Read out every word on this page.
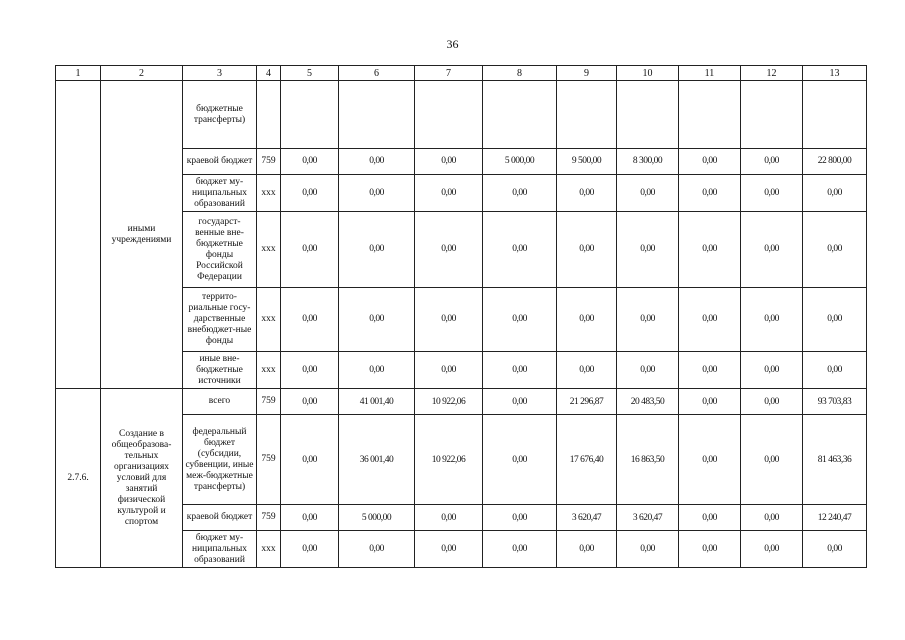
36
1	2	3	4	5	6	7	8	9	10	11	12	13
	иными учреждениями	бюджетные трансферты)										
		краевой бюджет	759	0,00	0,00	0,00	5 000,00	9 500,00	8 300,00	0,00	0,00	22 800,00
		бюджет му-ниципальных образований	ххх	0,00	0,00	0,00	0,00	0,00	0,00	0,00	0,00	0,00
		государст-венные вне-бюджетные фонды Российской Федерации	ххх	0,00	0,00	0,00	0,00	0,00	0,00	0,00	0,00	0,00
		террито-риальные госу-дарственные внебюджет-ные фонды	ххх	0,00	0,00	0,00	0,00	0,00	0,00	0,00	0,00	0,00
		иные вне-бюджетные источники	ххх	0,00	0,00	0,00	0,00	0,00	0,00	0,00	0,00	0,00
2.7.6.	Создание в общеобразова-тельных организациях условий для занятий физической культурой и спортом	всего	759	0,00	41 001,40	10 922,06	0,00	21 296,87	20 483,50	0,00	0,00	93 703,83
		федеральный бюджет (субсидии, субвенции, иные меж-бюджетные трансферты)	759	0,00	36 001,40	10 922,06	0,00	17 676,40	16 863,50	0,00	0,00	81 463,36
		краевой бюджет	759	0,00	5 000,00	0,00	0,00	3 620,47	3 620,47	0,00	0,00	12 240,47
		бюджет му-ниципальных образований	ххх	0,00	0,00	0,00	0,00	0,00	0,00	0,00	0,00	0,00
